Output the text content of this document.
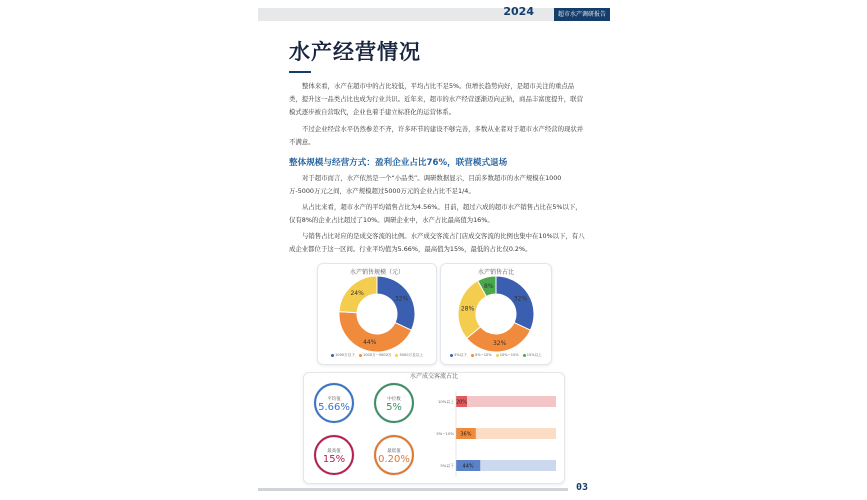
2024	超市水产调研报告
水产经营情况

整体来看，水产在超市中的占比较低，平均占比不足5%。但增长趋势向好，是超市关注的重点品类，提升这一品类占比也成为行业共识。近年来，超市的水产经营逐渐迈向正轨，商品丰富度提升，联营模式逐步被自营取代，企业也着手建立标准化的运营体系。

不过企业经营水平仍然参差不齐，许多环节的建设不够完善，多数从业者对于超市水产经营的现状并不满意。

整体规模与经营方式：盈利企业占比76%，联营模式退场

对于超市而言，水产依然是一个“小品类”。调研数据显示，目前多数超市的水产规模在1000万-5000万元之间，水产规模超过5000万元的企业占比不足1/4。

从占比来看，超市水产的平均销售占比为4.56%。目前，超过六成的超市水产销售占比在5%以下，仅有8%的企业占比超过了10%。调研企业中，水产占比最高值为16%。

与销售占比对应的是成交客流的比例。水产成交客流占门店成交客流的比例也集中在10%以下，有八成企业都位于这一区间。行业平均值为5.66%，最高值为15%，最低的占比仅0.2%。

水产销售规模（元）
32%
44%
24%
1000万以下 1000万~5000万 5000万及以上
水产销售占比
32%
32%
28%
8%
5%以下 5%~10% 10%~15% 15%以上
水产成交客流占比
平均值
5.66%
中位数
5%
最高值
15%
最低值
0.20%
10%以上 20%
5%~10% 36%
5%以下 44%
03
